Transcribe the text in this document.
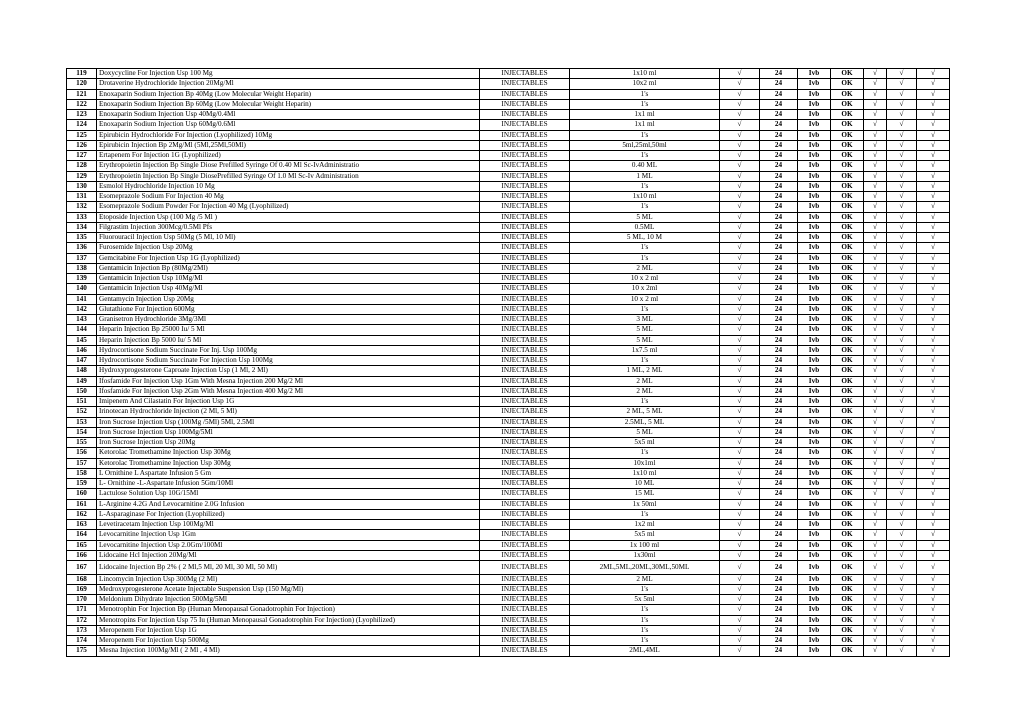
119	Doxycycline For Injection Usp 100 Mg	INJECTABLES	1x10 ml	√	24	Ivb	OK	√	√	√
120	Drotaverine Hydrochloride Injection 20Mg/Ml	INJECTABLES	10x2 ml	√	24	Ivb	OK	√	√	√
121	Enoxaparin Sodium Injection Bp 40Mg (Low Molecular Weight Heparin)	INJECTABLES	1's	√	24	Ivb	OK	√	√	√
122	Enoxaparin Sodium Injection Bp 60Mg (Low Molecular Weight Heparin)	INJECTABLES	1's	√	24	Ivb	OK	√	√	√
123	Enoxaparin Sodium Injection Usp 40Mg/0.4Ml	INJECTABLES	1x1 ml	√	24	Ivb	OK	√	√	√
124	Enoxaparin Sodium Injection Usp 60Mg/0.6Ml	INJECTABLES	1x1 ml	√	24	Ivb	OK	√	√	√
125	Epirubicin Hydrochloride For Injection (Lyophilized) 10Mg	INJECTABLES	1's	√	24	Ivb	OK	√	√	√
126	Epirubicin Injection Bp 2Mg/Ml (5Ml,25Ml,50Ml)	INJECTABLES	5ml,25ml,50ml	√	24	Ivb	OK	√	√	√
127	Ertapenem For Injection 1G (Lyophilized)	INJECTABLES	1's	√	24	Ivb	OK	√	√	√
128	Erythropoietin Injection Bp Single Diose Prefilled Syringe Of 0.40 Ml Sc-IvAdministratio	INJECTABLES	0.40 ML	√	24	Ivb	OK	√	√	√
129	Erythropoietin Injection Bp Single DiosePrefilled Syringe Of 1.0 Ml Sc-Iv Administration	INJECTABLES	1 ML	√	24	Ivb	OK	√	√	√
130	Esmolol Hydrochloride Injection 10 Mg	INJECTABLES	1's	√	24	Ivb	OK	√	√	√
131	Esomeprazole Sodium For Injection 40 Mg	INJECTABLES	1x10 ml	√	24	Ivb	OK	√	√	√
132	Esomeprazole Sodium Powder For Injection 40 Mg (Lyophilized)	INJECTABLES	1's	√	24	Ivb	OK	√	√	√
133	Etoposide Injection Usp (100 Mg /5 Ml )	INJECTABLES	5 ML	√	24	Ivb	OK	√	√	√
134	Filgrastim Injection 300Mcg/0.5Ml Pfs	INJECTABLES	0.5ML	√	24	Ivb	OK	√	√	√
135	Fluorouracil Injection Usp 50Mg (5 Ml, 10 Ml)	INJECTABLES	5 ML, 10 M	√	24	Ivb	OK	√	√	√
136	Furosemide Injection Usp 20Mg	INJECTABLES	1's	√	24	Ivb	OK	√	√	√
137	Gemcitabine For Injection Usp 1G (Lyophilized)	INJECTABLES	1's	√	24	Ivb	OK	√	√	√
138	Gentamicin Injection Bp (80Mg/2Ml)	INJECTABLES	2 ML	√	24	Ivb	OK	√	√	√
139	Gentamicin Injection Usp 10Mg/Ml	INJECTABLES	10 x 2 ml	√	24	Ivb	OK	√	√	√
140	Gentamicin Injection Usp 40Mg/Ml	INJECTABLES	10 x 2ml	√	24	Ivb	OK	√	√	√
141	Gentamycin Injection Usp 20Mg	INJECTABLES	10 x 2 ml	√	24	Ivb	OK	√	√	√
142	Glutathione For Injection 600Mg	INJECTABLES	1's	√	24	Ivb	OK	√	√	√
143	Granisetron Hydrochloride 3Mg/3Ml	INJECTABLES	3 ML	√	24	Ivb	OK	√	√	√
144	Heparin Injection Bp 25000 Iu/ 5 Ml	INJECTABLES	5 ML	√	24	Ivb	OK	√	√	√
145	Heparin Injection Bp 5000 Iu/ 5 Ml	INJECTABLES	5 ML	√	24	Ivb	OK	√	√	√
146	Hydrocortisone Sodium Succinate For Inj. Usp 100Mg	INJECTABLES	1x7.5 ml	√	24	Ivb	OK	√	√	√
147	Hydrocortisone Sodium Succinate For Injection Usp 100Mg	INJECTABLES	1's	√	24	Ivb	OK	√	√	√
148	Hydroxyprogesterone Caproate Injection Usp (1 Ml, 2 Ml)	INJECTABLES	1 ML, 2 ML	√	24	Ivb	OK	√	√	√
149	Ifosfamide For Injection Usp 1Gm With Mesna Injection 200 Mg/2 Ml	INJECTABLES	2 ML	√	24	Ivb	OK	√	√	√
150	Ifosfamide For Injection Usp 2Gm With Mesna Injection 400 Mg/2 Ml	INJECTABLES	2 ML	√	24	Ivb	OK	√	√	√
151	Imipenem And Cilastatin For Injection Usp 1G	INJECTABLES	1's	√	24	Ivb	OK	√	√	√
152	Irinotecan Hydrochloride Injection (2 Ml, 5 Ml)	INJECTABLES	2 ML, 5 ML	√	24	Ivb	OK	√	√	√
153	Iron Sucrose Injection Usp (100Mg /5Ml) 5Ml, 2.5Ml	INJECTABLES	2.5ML, 5 ML	√	24	Ivb	OK	√	√	√
154	Iron Sucrose Injection Usp 100Mg/5Ml	INJECTABLES	5 ML	√	24	Ivb	OK	√	√	√
155	Iron Sucrose Injection Usp 20Mg	INJECTABLES	5x5 ml	√	24	Ivb	OK	√	√	√
156	Ketorolac Tromethamine Injection Usp 30Mg	INJECTABLES	1's	√	24	Ivb	OK	√	√	√
157	Ketorolac Tromethamine Injection Usp 30Mg	INJECTABLES	10x1ml	√	24	Ivb	OK	√	√	√
158	L Ornithine L Aspartate Infusion 5 Gm	INJECTABLES	1x10 ml	√	24	Ivb	OK	√	√	√
159	L- Ornithine -L-Aspartate Infusion 5Gm/10Ml	INJECTABLES	10 ML	√	24	Ivb	OK	√	√	√
160	Lactulose Solution Usp 10G/15Ml	INJECTABLES	15 ML	√	24	Ivb	OK	√	√	√
161	L-Arginine 4.2G And Levocarnitine 2.0G Infusion	INJECTABLES	1x 50ml	√	24	Ivb	OK	√	√	√
162	L-Asparaginase For Injection (Lyophilized)	INJECTABLES	1's	√	24	Ivb	OK	√	√	√
163	Levetiracetam Injection Usp 100Mg/Ml	INJECTABLES	1x2 ml	√	24	Ivb	OK	√	√	√
164	Levocarnitine Injection Usp 1Gm	INJECTABLES	5x5 ml	√	24	Ivb	OK	√	√	√
165	Levocarnitine Injection Usp 2.0Gm/100Ml	INJECTABLES	1x 100 ml	√	24	Ivb	OK	√	√	√
166	Lidocaine Hcl Injection 20Mg/Ml	INJECTABLES	1x30ml	√	24	Ivb	OK	√	√	√
167	Lidocaine Injection Bp 2% ( 2 Ml,5 Ml, 20 Ml, 30 Ml, 50 Ml)	INJECTABLES	2ML,5ML,20ML,30ML,50ML	√	24	Ivb	OK	√	√	√
168	Lincomycin Injection Usp 300Mg (2 Ml)	INJECTABLES	2 ML	√	24	Ivb	OK	√	√	√
169	Medroxyprogesterone Acetate Injectable Suspension Usp (150 Mg/Ml)	INJECTABLES	1's	√	24	Ivb	OK	√	√	√
170	Meldonium Dihydrate Injection 500Mg/5Ml	INJECTABLES	5x 5ml	√	24	Ivb	OK	√	√	√
171	Menotrophin For Injection Bp (Human Menopausal Gonadotrophin For Injection)	INJECTABLES	1's	√	24	Ivb	OK	√	√	√
172	Menotropins For Injection Usp 75 Iu (Human Menopausal Gonadotrophin For Injection) (Lyophilized)	INJECTABLES	1's	√	24	Ivb	OK	√	√	√
173	Meropenem For Injection Usp 1G	INJECTABLES	1's	√	24	Ivb	OK	√	√	√
174	Meropenem For Injection Usp 500Mg	INJECTABLES	1's	√	24	Ivb	OK	√	√	√
175	Mesna Injection 100Mg/Ml ( 2 Ml , 4 Ml)	INJECTABLES	2ML,4ML	√	24	Ivb	OK	√	√	√
